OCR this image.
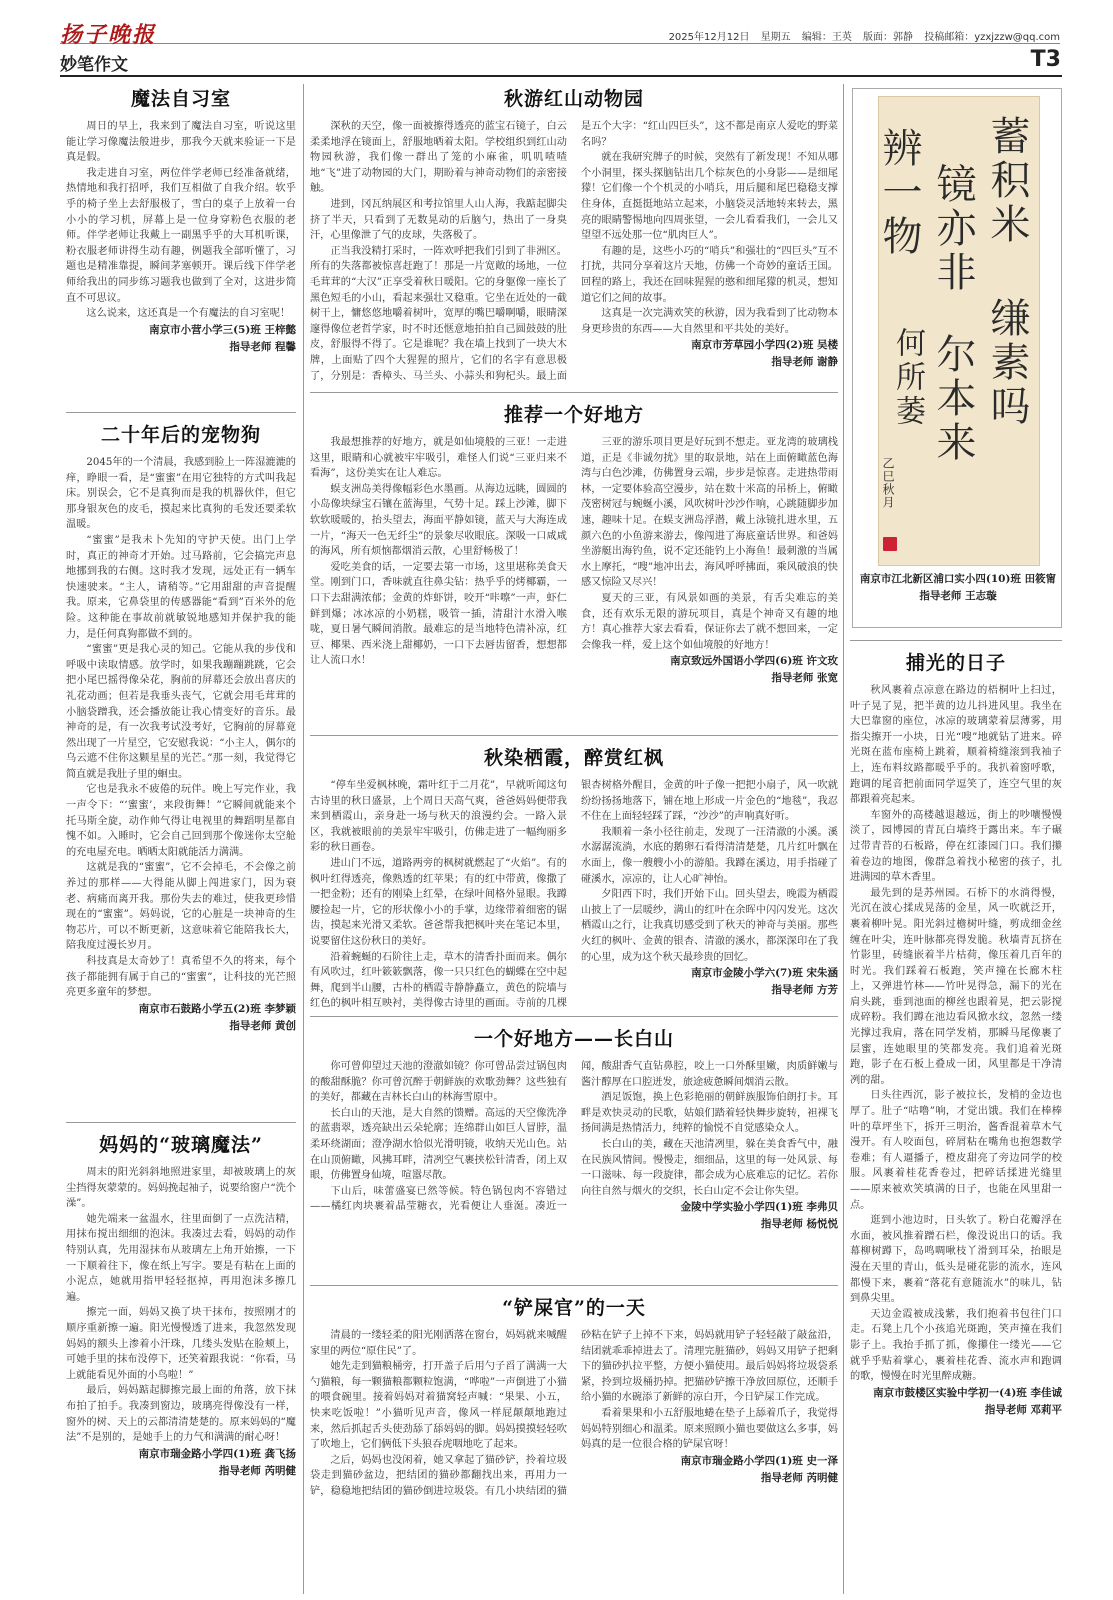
扬子晚报	2025年12月12日 星期五 编辑：王英 版面：郭静 投稿邮箱：yzxjzzw@qq.com
妙笔作文	T3
魔法自习室

周日的早上，我来到了魔法自习室，听说这里能让学习像魔法般进步，那我今天就来验证一下是真是假。

我走进自习室，两位伴学老师已经准备就绪，热情地和我打招呼，我们互相做了自我介绍。软乎乎的椅子坐上去舒服极了，雪白的桌子上放着一台小小的学习机，屏幕上是一位身穿粉色衣服的老师。伴学老师让我戴上一副黑乎乎的大耳机听课，粉衣服老师讲得生动有趣，例题我全部听懂了，习题也是精准靠提，瞬间茅塞顿开。课后线下伴学老师给我出的同步练习题我也做到了全对，这进步简直不可思议。

这么说来，这还真是一个有魔法的自习室呢！

南京市小营小学三(5)班 王梓懿
指导老师 程馨
二十年后的宠物狗

2045年的一个清晨，我感到脸上一阵湿漉漉的痒，睁眼一看，是“蜜蜜”在用它独特的方式叫我起床。别误会，它不是真狗而是我的机器伙伴，但它那身银灰色的皮毛，摸起来比真狗的毛发还要柔软温暖。

“蜜蜜”是我未卜先知的守护天使。出门上学时，真正的神奇才开始。过马路前，它会搞完声息地挪到我的右侧。这时我才发现，远处正有一辆车快速驶来。“主人，请稍等。”它用甜甜的声音提醒我。原来，它鼻袋里的传感器能“看到”百米外的危险。这种能在事故前就敏锐地感知并保护我的能力，是任何真狗都做不到的。

“蜜蜜”更是我心灵的知己。它能从我的步伐和呼吸中读取情感。放学时，如果我蹦蹦跳跳，它会把小尾巴摇得像朵花，胸前的屏幕还会放出喜庆的礼花动画；但若是我垂头丧气，它就会用毛茸茸的小脑袋蹭我，还会播放能让我心情变好的音乐。最神奇的是，有一次我考试没考好，它胸前的屏幕竟然出现了一片星空，它安慰我说：“小主人，偶尔的乌云遮不住你这颗星星的光芒。”那一刻，我觉得它简直就是我肚子里的蛔虫。

它也是我永不疲倦的玩伴。晚上写完作业，我一声令下：“‘蜜蜜’，来段街舞！”它瞬间就能来个托马斯全旋，动作帅气得让电视里的舞蹈明星都自愧不如。入睡时，它会自己回到那个像迷你太空舱的充电屋充电。晒晒太阳就能活力满满。

这就是我的“蜜蜜”，它不会掉毛，不会像之前养过的那样——大得能从脚上闯进家门，因为衰老、病痛而离开我。那份失去的难过，使我更珍惜现在的“蜜蜜”。妈妈说，它的心脏是一块神奇的生物芯片，可以不断更新，这意味着它能陪我长大，陪我度过漫长岁月。

科技真是太奇妙了！真希望不久的将来，每个孩子都能拥有属于自己的“蜜蜜”，让科技的光芒照亮更多童年的梦想。

南京市石鼓路小学五(2)班 李梦颖
指导老师 黄创
妈妈的“玻璃魔法”

周末的阳光斜斜地照进家里，却被玻璃上的灰尘挡得灰蒙蒙的。妈妈挽起袖子，说要给窗户“洗个澡”。

她先端来一盆温水，往里面倒了一点洗洁精，用抹布搅出细细的泡沫。我凑过去看，妈妈的动作特别认真，先用湿抹布从玻璃左上角开始擦，一下一下顺着往下，像在纸上写字。要是有粘在上面的小泥点，她就用指甲轻轻抠掉，再用泡沫多擦几遍。

擦完一面，妈妈又换了块干抹布，按照刚才的顺序重新擦一遍。阳光慢慢透了进来，我忽然发现妈妈的额头上渗着小汗珠，几缕头发贴在脸颊上，可她手里的抹布没停下，还笑着跟我说：“你看，马上就能看见外面的小鸟啦！”

最后，妈妈踮起脚擦完最上面的角落，放下抹布拍了拍手。我凑到窗边，玻璃亮得像没有一样，窗外的树、天上的云都清清楚楚的。原来妈妈的“魔法”不是别的，是她手上的力气和满满的耐心呀！

南京市瑞金路小学四(1)班 龚飞扬
指导老师 芮明健
秋游红山动物园

深秋的天空，像一面被擦得透亮的蓝宝石镜子，白云柔柔地浮在镜面上，舒服地晒着太阳。学校组织到红山动物园秋游，我们像一群出了笼的小麻雀，叽叽喳喳地“飞”进了动物园的大门，期盼着与神奇动物们的亲密接触。

进到，冈瓦纳展区和考拉馆里人山人海，我踮起脚尖挤了半天，只看到了无数晃动的后脑勺，热出了一身臭汗，心里像泄了气的皮球，失落极了。

正当我没精打采时，一阵欢呼把我们引到了非洲区。所有的失落都被惊喜赶跑了！那是一片宽敞的场地，一位毛茸茸的“大汉”正享受着秋日暖阳。它的身躯像一座长了黑色短毛的小山，看起来强壮又稳重。它坐在近处的一截树干上，慵悠悠地嚼着树叶，宽厚的嘴巴嚼啊嚼，眼睛深邃得像位老哲学家，时不时还惬意地拍拍自己圆鼓鼓的肚皮，舒服得不得了。它是谁呢？我在墙上找到了一块大木牌，上面贴了四个大猩猩的照片，它们的名字有意思极了，分别是：香樟头、马兰头、小蒜头和狗杞头。最上面是五个大字：“红山四巨头”，这不都是南京人爱吃的野菜名吗？

就在我研究牌子的时候，突然有了新发现！不知从哪个小洞里，探头探脑钻出几个棕灰色的小身影——是细尾獴！它们像一个个机灵的小哨兵，用后腿和尾巴稳稳支撑住身体，直挺挺地站立起来，小脑袋灵活地转来转去，黑亮的眼睛警惕地向四周张望，一会儿看看我们，一会儿又望望不远处那一位“肌肉巨人”。

有趣的是，这些小巧的“哨兵”和强壮的“四巨头”互不打扰，共同分享着这片天地，仿佛一个奇妙的童话王国。回程的路上，我还在回味猩猩的憨和细尾獴的机灵，想知道它们之间的故事。

这真是一次完满欢笑的秋游，因为我看到了比动物本身更珍贵的东西——大自然里和平共处的美好。

南京市芳草园小学四(2)班 吴楼
指导老师 谢静
推荐一个好地方

我最想推荐的好地方，就是如仙境般的三亚！一走进这里，眼睛和心就被牢牢吸引，难怪人们说“三亚归来不看海”，这份美实在让人难忘。

蜈支洲岛美得像幅彩色水墨画。从海边远眺，圆圆的小岛像块绿宝石镶在蓝海里，气势十足。踩上沙滩，脚下软软暖暖的，抬头望去，海面平静如镜，蓝天与大海连成一片，“海天一色无纤尘”的景象尽收眼底。深吸一口咸咸的海风，所有烦恼都烟消云散，心里舒畅极了！

爱吃美食的话，一定要去第一市场，这里堪称美食天堂。刚到门口，香味就直往鼻尖钻：热乎乎的烤椰霸，一口下去甜满浓郁；金黄的炸虾饼，咬开“咔嚓”一声，虾仁鲜到爆；冰冰凉的小奶糕，吸管一插，清甜汁水滑入喉咙，夏日暑气瞬间消散。最难忘的是当地特色清补凉，红豆、椰果、西米浇上甜椰奶，一口下去唇齿留香，想想都让人流口水！

三亚的游乐项目更是好玩到不想走。亚龙湾的玻璃栈道，正是《非诚勿扰》里的取景地，站在上面俯瞰蓝色海湾与白色沙滩，仿佛置身云端，步步是惊喜。走进热带雨林，一定要体验高空漫步，站在数十米高的吊桥上，俯瞰茂密树冠与蜿蜒小溪，风吹树叶沙沙作响，心跳随脚步加速，趣味十足。在蜈支洲岛浮潜，戴上泳镜扎进水里，五颜六色的小鱼游来游去，像闯进了海底童话世界。和爸妈坐游艇出海钓鱼，说不定还能钓上小海鱼！最刺激的当属水上摩托，“嗖”地冲出去，海风呼呼拂面，乘风破浪的快感又惊险又尽兴！

夏天的三亚，有风景如画的美景，有舌尖难忘的美食，还有欢乐无限的游玩项目，真是个神奇又有趣的地方！真心推荐大家去看看，保证你去了就不想回来，一定会像我一样，爱上这个如仙境般的好地方！

南京致远外国语小学四(6)班 许文玫
指导老师 张宽
秋染栖霞，醉赏红枫

“停车坐爱枫林晚，霜叶红于二月花”，早就听闻这句古诗里的秋日盛景，上个周日天高气爽，爸爸妈妈便带我来到栖霞山，亲身赴一场与秋天的浪漫约会。一路入景区，我就被眼前的美景牢牢吸引，仿佛走进了一幅绚丽多彩的秋日画卷。

进山门不远，道路两旁的枫树就燃起了“火焰”。有的枫叶红得透亮，像熟透的红苹果；有的红中带黄，像撒了一把金粉；还有的刚染上红晕，在绿叶间格外显眼。我蹲腰捡起一片，它的形状像小小的手掌，边缘带着细密的锯齿，摸起来光滑又柔软。爸爸帮我把枫叶夹在笔记本里，说要留住这份秋日的美好。

沿着蜿蜒的石阶往上走，草木的清香扑面而来。偶尔有风吹过，红叶簌簌飘落，像一只只红色的蝴蝶在空中起舞，爬到半山腰，古朴的栖霞寺静静矗立，黄色的院墙与红色的枫叶相互映衬，美得像古诗里的画面。寺前的几棵银杏树格外醒目，金黄的叶子像一把把小扇子，风一吹就纷纷扬扬地落下，铺在地上形成一片金色的“地毯”，我忍不住在上面轻轻踩了踩，“沙沙”的声响真好听。

我顺着一条小径往前走，发现了一汪清澈的小溪。溪水潺潺流淌，水底的鹅卵石看得清清楚楚，几片红叶飘在水面上，像一艘艘小小的游船。我蹲在溪边，用手指碰了碰溪水，凉凉的，让人心旷神怡。

夕阳西下时，我们开始下山。回头望去，晚霞为栖霞山披上了一层暖纱，满山的红叶在余晖中闪闪发光。这次栖霞山之行，让我真切感受到了秋天的神奇与美丽。那些火红的枫叶、金黄的银杏、清澈的溪水，都深深印在了我的心里，成为这个秋天最珍贵的回忆。

南京市金陵小学六(7)班 宋朱涵
指导老师 方芳
一个好地方——长白山

你可曾仰望过天池的澄澈如镜？你可曾品尝过锅包肉的酸甜酥脆？你可曾沉醉于朝鲜族的欢歌劲舞？这些独有的美好，都藏在吉林长白山的林海雪原中。

长白山的天池，是大自然的馈赠。高远的天空像洗净的蓝翡翠，透亮缺出云朵轮廓；连绵群山如巨人冒脖，温柔环绕湖面；澄净湖水恰似光滑明镜，收纳天光山色。站在山顶俯瞰，风拂耳畔，清冽空气裹挟松针清香，闭上双眼，仿佛置身仙境，喧嚣尽散。

下山后，味蕾盛宴已然等候。特色锅包肉不容错过——橘红肉块裹着晶莹糖衣，光看便让人垂涎。凑近一闻，酸甜香气直钻鼻腔，咬上一口外酥里嫩，肉质鲜嫩与酱汁醇厚在口腔迸发，旅途疲惫瞬间烟消云散。

酒足饭饱，换上色彩艳丽的朝鲜族服饰伯朗打卡。耳畔是欢快灵动的民歌，姑娘们踏着轻快舞步旋转，袒裸飞扬间满是热情活力，纯粹的愉悦不自觉感染众人。

长白山的美，藏在天池清冽里，躲在美食香气中，融在民族风情间。慢慢走，细细品，这里的每一处风景、每一口滋味、每一段旋律，都会成为心底难忘的记忆。若你向往自然与烟火的交织，长白山定不会让你失望。

金陵中学实验小学四(1)班 李弗贝
指导老师 杨悦悦
“铲屎官”的一天

清晨的一缕轻柔的阳光刚洒落在窗台，妈妈就来喊醒家里的两位“原住民”了。

她先走到猫粮桶旁，打开盖子后用勺子舀了满满一大勺猫粮，每一颗猫粮都颗粒饱满，“哗啦”一声倒进了小猫的喂食碗里。接着妈妈对着猫窝轻声喊：“果果、小五，快来吃饭啦！”小猫听见声音，像风一样屁颠颠地跑过来，然后抓起舌头使劲舔了舔妈妈的脚。妈妈摸摸轻轻吹了吹地上，它们俩低下头狼吞虎咽地吃了起来。

之后，妈妈也没闲着，她又拿起了猫砂铲，拎着垃圾袋走到猫砂盆边，把结团的猫砂都翻找出来，再用力一铲，稳稳地把结团的猫砂倒进垃圾袋。有几小块结团的猫砂粘在铲子上掉不下来，妈妈就用铲子轻轻敲了敲盆沿，结团就乖乖掉进去了。清理完脏猫砂，妈妈又用铲子把剩下的猫砂扒拉平整，方便小猫使用。最后妈妈将垃圾袋系紧，拎到垃圾桶扔掉。把猫砂铲擦干净放回原位，还顺手给小猫的水碗添了新鲜的凉白开，今日铲屎工作完成。

看着果果和小五舒服地蜷在垫子上舔着爪子，我觉得妈妈特别细心和温柔。原来照顾小猫也要做这么多事，妈妈真的是一位很合格的铲屎官呀！

南京市瑞金路小学四(1)班 史一泽
指导老师 芮明健
蓄积米
镜亦非
辨一物
缣素吗
尔本来
何所萎
乙巳秋月
南京市江北新区浦口实小四(10)班 田筱甯
指导老师 王志璇
捕光的日子

秋风裹着点凉意在路边的梧桐叶上扫过，叶子晃了晃，把半黄的边儿抖进风里。我坐在大巴靠窗的座位，冰凉的玻璃蒙着层薄雾，用指尖擦开一小块，日光“嗖”地就钻了进来。碎光斑在蓝布座椅上跳着，顺着椅缝滚到我袖子上，连布料纹路都暖乎乎的。我扒着窗呼歌，跑调的尾音把前面同学逗笑了，连空气里的灰都跟着亮起来。

车窗外的高楼越退越远，街上的吵嚷慢慢淡了，园博园的青瓦白墙终于露出来。车子碾过带青苔的石板路，停在红漆园门口。我们攥着卷边的地图，像群急着找小秘密的孩子，扎进满园的草木香里。

最先到的是苏州园。石桥下的水淌得慢，光沉在波心揉成晃荡的金星，风一吹就泛开，裹着柳叶晃。阳光斜过檐树叶缝，剪成细金丝缠在叶尖，连叶脉都亮得发脆。秋墙青瓦挤在竹影里，砖缝嵌着半片枯荷，像压着几百年的时光。我们踩着石板跑，笑声撞在长廊木柱上，又弹进竹林——竹叶晃得急，漏下的光在肩头跳，垂到池面的柳丝也跟着晃，把云影搅成碎粉。我们蹲在池边看风掀水纹，忽然一缕光撑过我肩，落在同学发梢，那瞬马尾像裹了层蜜，连她眼里的笑都发亮。我们追着光斑跑，影子在石板上叠成一团，风里都是干净清冽的甜。

日头往西沉，影子被拉长，发梢的金边也厚了。肚子“咕噜”响，才觉出饿。我们在棒棒叶的草坪坐下，拆开三明治，酱香混着草木气漫开。有人咬面包，碎屑粘在嘴角也抱怨数学卷难；有人逼播子，橙皮甜亮了旁边同学的校服。风裹着桂花香卷过，把碎话揉进光缝里——原来被欢笑填满的日子，也能在风里甜一点。

逛到小池边时，日头软了。粉白花瓣浮在水面，被风推着蹭石栏，像没说出口的话。我幕柳树蹲下，岛鸣啁啾枝丫滑到耳朵，抬眼是漫在天里的青山，低头是碰花影的流水，连风都慢下来，裹着“落花有意随流水”的味儿，钻到鼻尖里。

天边金霞被成浅紫，我们抱着书包往门口走。石凳上几个小孩追光斑跑，笑声撞在我们影子上。我抬手抓了抓，像攥住一缕光——它就乎乎贴着掌心，裹着桂花香、流水声和跑调的歌，慢慢在时光里醉成糖。

南京市鼓楼区实验中学初一(4)班 李佳诚
指导老师 邓莉平
